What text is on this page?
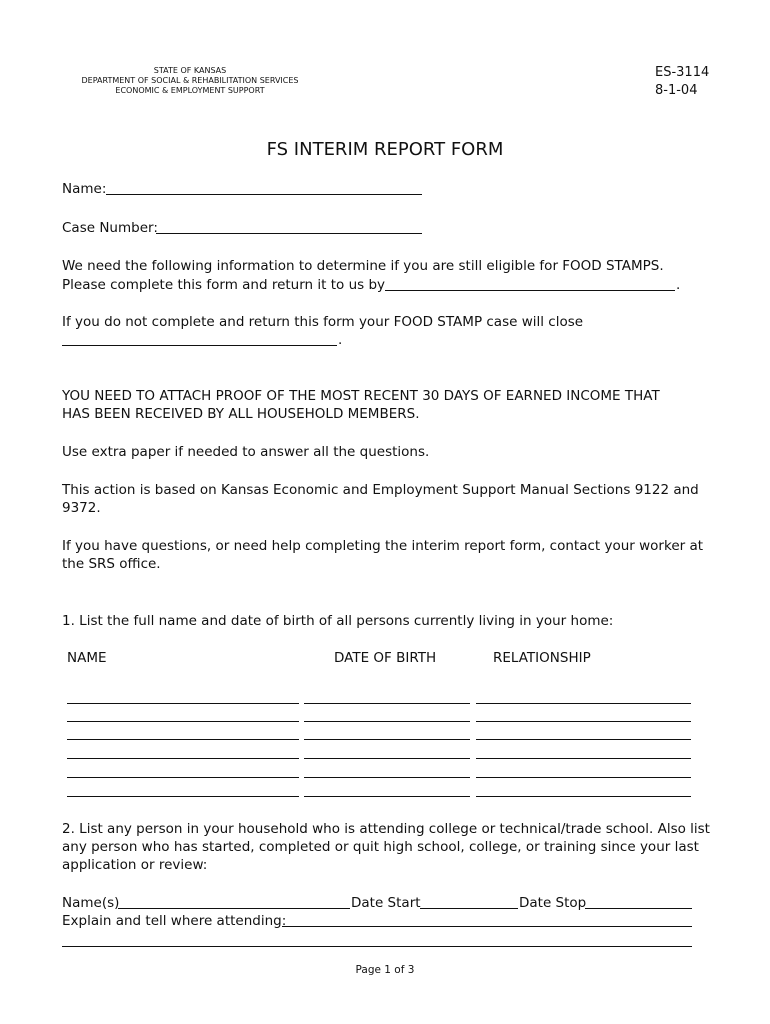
STATE OF KANSAS
DEPARTMENT OF SOCIAL & REHABILITATION SERVICES
ECONOMIC & EMPLOYMENT SUPPORT
ES-3114
8-1-04
FS INTERIM REPORT FORM
Name:
Case Number:
We need the following information to determine if you are still eligible for FOOD STAMPS.
Please complete this form and return it to us by	.
If you do not complete and return this form your FOOD STAMP case will close
.
YOU NEED TO ATTACH PROOF OF THE MOST RECENT 30 DAYS OF EARNED INCOME THAT
HAS BEEN RECEIVED BY ALL HOUSEHOLD MEMBERS.
Use extra paper if needed to answer all the questions.
This action is based on Kansas Economic and Employment Support Manual Sections 9122 and
9372.
If you have questions, or need help completing the interim report form, contact your worker at
the SRS office.
1. List the full name and date of birth of all persons currently living in your home:
NAME	DATE OF BIRTH	RELATIONSHIP
2. List any person in your household who is attending college or technical/trade school. Also list
any person who has started, completed or quit high school, college, or training since your last
application or review:
Name(s)	Date Start	Date Stop
Explain and tell where attending:
Page 1 of 3
